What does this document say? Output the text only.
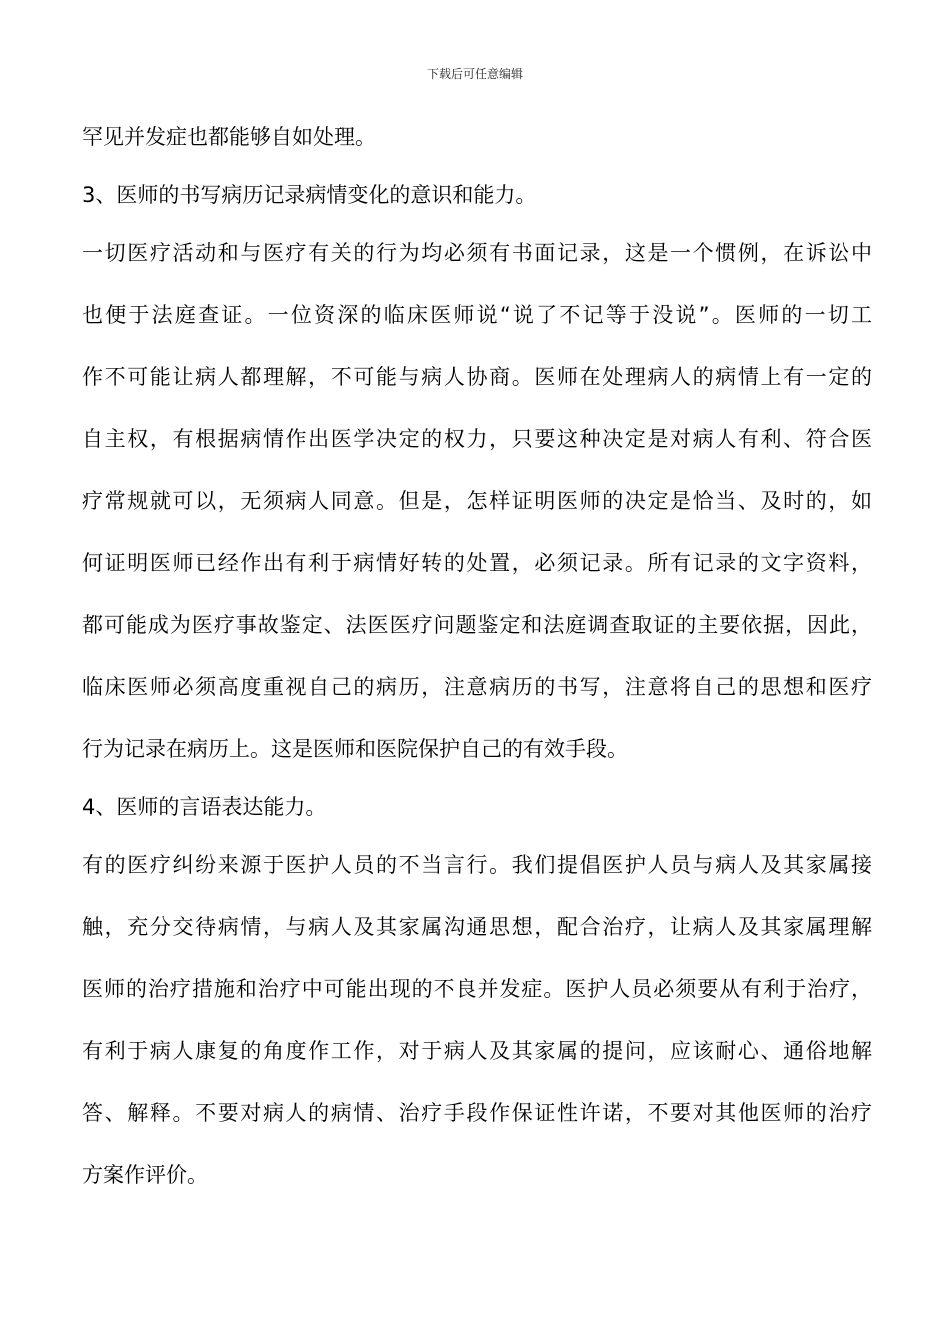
下载后可任意编辑
罕见并发症也都能够自如处理。
3、医师的书写病历记录病情变化的意识和能力。
一切医疗活动和与医疗有关的行为均必须有书面记录，这是一个惯例，在诉讼中
也便于法庭查证。一位资深的临床医师说“说了不记等于没说”。医师的一切工
作不可能让病人都理解，不可能与病人协商。医师在处理病人的病情上有一定的
自主权，有根据病情作出医学决定的权力，只要这种决定是对病人有利、符合医
疗常规就可以，无须病人同意。但是，怎样证明医师的决定是恰当、及时的，如
何证明医师已经作出有利于病情好转的处置，必须记录。所有记录的文字资料，
都可能成为医疗事故鉴定、法医医疗问题鉴定和法庭调查取证的主要依据，因此，
临床医师必须高度重视自己的病历，注意病历的书写，注意将自己的思想和医疗
行为记录在病历上。这是医师和医院保护自己的有效手段。
4、医师的言语表达能力。
有的医疗纠纷来源于医护人员的不当言行。我们提倡医护人员与病人及其家属接
触，充分交待病情，与病人及其家属沟通思想，配合治疗，让病人及其家属理解
医师的治疗措施和治疗中可能出现的不良并发症。医护人员必须要从有利于治疗，
有利于病人康复的角度作工作，对于病人及其家属的提问，应该耐心、通俗地解
答、解释。不要对病人的病情、治疗手段作保证性许诺，不要对其他医师的治疗
方案作评价。
